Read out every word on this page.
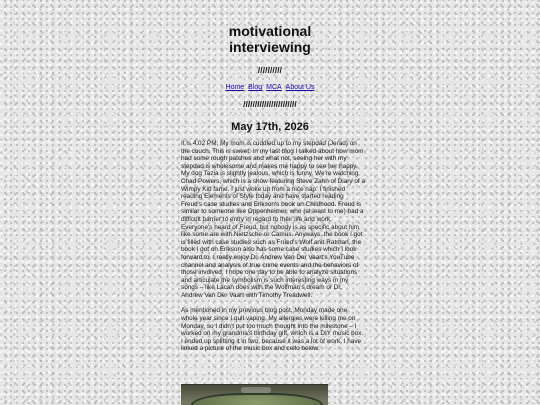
motivational
interviewing
//////////
Home Blog MCA About Us
///////////////////////
May 17th, 2026

It is 4:02 PM; My mom is cuddled up to my stepdad (Jerad) on the couch. This is sweet. In my last blog I talked about how mom had some rough patches and what not, seeing her with my stepdad is wholesome and makes me happy to see her happy. My dog Tazia is slightly jealous, which is funny. We're watching Chad Powers, which is a show featuring Steve Zahn of Diary of a Wimpy Kid fame. I just woke up from a nice nap. I finished reading Elements of Style today and have started reading Freud's case studies and Erikson's book on Childhood. Freud is similar to someone like Oppenheimer, who (at least to me) had a difficult barrier to entry in regard to their life and work. Everyone's heard of Freud, but nobody is as specific about him like some are with Nietzsche or Camus. Anyways, the book I got is filled with case studies such as Frued's Wolf and Ratman, the book I got on Erikson also has some case studies which I look forward to. I really enjoy Dr. Andrew Van Der Vaart's YouTube channel and analysis of true crime events and the behaviors of those involved. I hope one day to be able to analyze situations and articulate the symbolism is such interesting ways in my songs – like Lacan does with the Wolfman's dream or Dr. Andrew Van Der Vaart with Timothy Treadwell.

As mentioned in my previous blog post, Monday made one whole year since I quit vaping. My allergies were killing me on Monday, so I didn't put too much thought into the milestone – I worked on my grandma's birthday gift, which is a DIY music box. I ended up splitting it in two, because it was a lot of work. I have linked a picture of the music box and cello below:
